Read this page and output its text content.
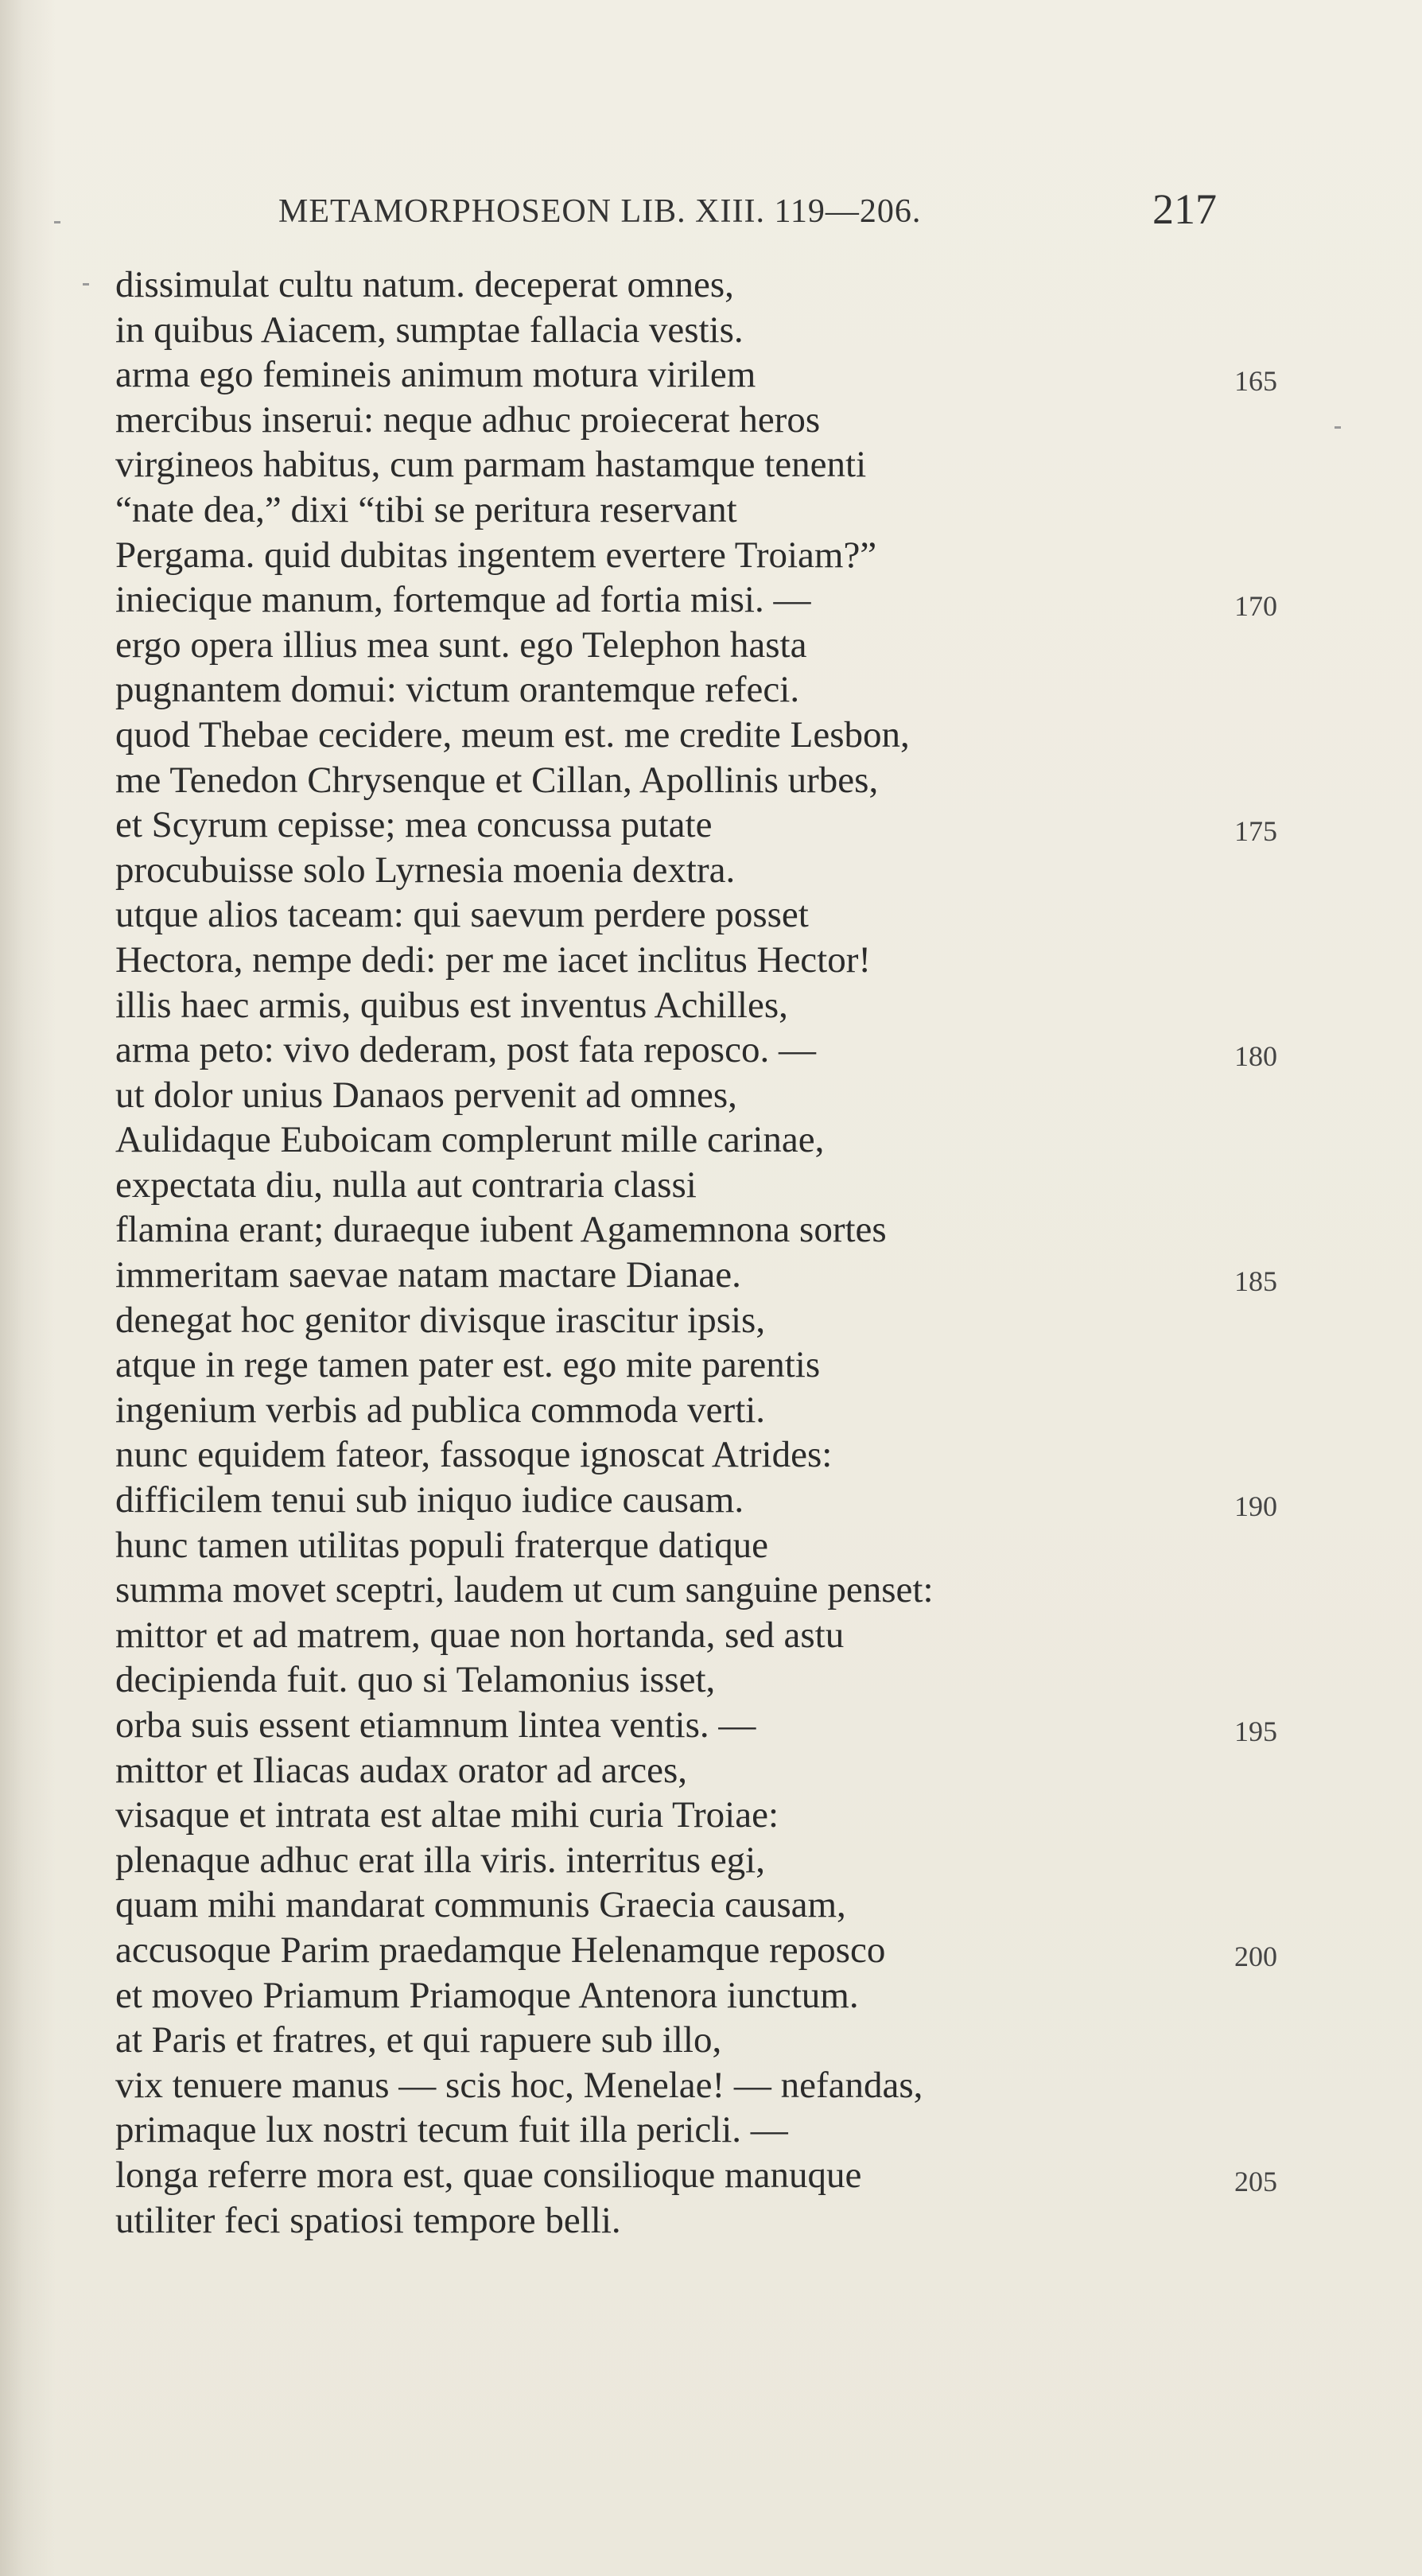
METAMORPHOSEON LIB. XIII. 119—206.	217
dissimulat cultu natum. deceperat omnes,
in quibus Aiacem, sumptae fallacia vestis.
arma ego femineis animum motura virilem	165
mercibus inserui: neque adhuc proiecerat heros
virgineos habitus, cum parmam hastamque tenenti
“nate dea,” dixi “tibi se peritura reservant
Pergama. quid dubitas ingentem evertere Troiam?”
iniecique manum, fortemque ad fortia misi. —	170
ergo opera illius mea sunt. ego Telephon hasta
pugnantem domui: victum orantemque refeci.
quod Thebae cecidere, meum est. me credite Lesbon,
me Tenedon Chrysenque et Cillan, Apollinis urbes,
et Scyrum cepisse; mea concussa putate	175
procubuisse solo Lyrnesia moenia dextra.
utque alios taceam: qui saevum perdere posset
Hectora, nempe dedi: per me iacet inclitus Hector!
illis haec armis, quibus est inventus Achilles,
arma peto: vivo dederam, post fata reposco. —	180
ut dolor unius Danaos pervenit ad omnes,
Aulidaque Euboicam complerunt mille carinae,
expectata diu, nulla aut contraria classi
flamina erant; duraeque iubent Agamemnona sortes
immeritam saevae natam mactare Dianae.	185
denegat hoc genitor divisque irascitur ipsis,
atque in rege tamen pater est. ego mite parentis
ingenium verbis ad publica commoda verti.
nunc equidem fateor, fassoque ignoscat Atrides:
difficilem tenui sub iniquo iudice causam.	190
hunc tamen utilitas populi fraterque datique
summa movet sceptri, laudem ut cum sanguine penset:
mittor et ad matrem, quae non hortanda, sed astu
decipienda fuit. quo si Telamonius isset,
orba suis essent etiamnum lintea ventis. —	195
mittor et Iliacas audax orator ad arces,
visaque et intrata est altae mihi curia Troiae:
plenaque adhuc erat illa viris. interritus egi,
quam mihi mandarat communis Graecia causam,
accusoque Parim praedamque Helenamque reposco	200
et moveo Priamum Priamoque Antenora iunctum.
at Paris et fratres, et qui rapuere sub illo,
vix tenuere manus — scis hoc, Menelae! — nefandas,
primaque lux nostri tecum fuit illa pericli. —
longa referre mora est, quae consilioque manuque	205
utiliter feci spatiosi tempore belli.
